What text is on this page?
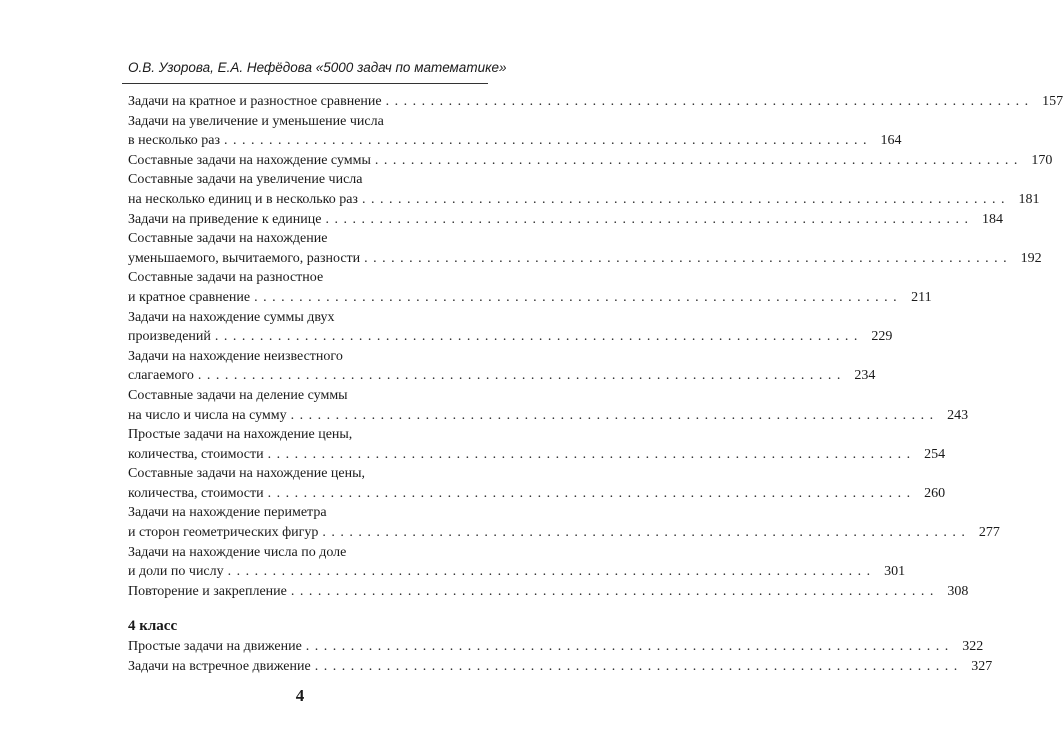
О.В. Узорова, Е.А. Нефёдова «5000 задач по математике»
Задачи на кратное и разностное сравнение . . . . . . . . . . . . . . . . . . . . . . . . . . . . . . . . . . . . . . . . . . . . . . . . . . . . . . . . . . . . . . . . . . . . . . . . 157
Задачи на увеличение и уменьшение числа
в несколько раз . . . . . . . . . . . . . . . . . . . . . . . . . . . . . . . . . . . . . . . . . . . . . . . . . . . . . . . . . . . . . . . . . . . . . . . . 164
Составные задачи на нахождение суммы . . . . . . . . . . . . . . . . . . . . . . . . . . . . . . . . . . . . . . . . . . . . . . . . . . . . . . . . . . . . . . . . . . . . . . . . 170
Составные задачи на увеличение числа
на несколько единиц и в несколько раз . . . . . . . . . . . . . . . . . . . . . . . . . . . . . . . . . . . . . . . . . . . . . . . . . . . . . . . . . . . . . . . . . . . . . . . . 181
Задачи на приведение к единице . . . . . . . . . . . . . . . . . . . . . . . . . . . . . . . . . . . . . . . . . . . . . . . . . . . . . . . . . . . . . . . . . . . . . . . . 184
Составные задачи на нахождение
уменьшаемого, вычитаемого, разности . . . . . . . . . . . . . . . . . . . . . . . . . . . . . . . . . . . . . . . . . . . . . . . . . . . . . . . . . . . . . . . . . . . . . . . . 192
Составные задачи на разностное
и кратное сравнение . . . . . . . . . . . . . . . . . . . . . . . . . . . . . . . . . . . . . . . . . . . . . . . . . . . . . . . . . . . . . . . . . . . . . . . . 211
Задачи на нахождение суммы двух
произведений . . . . . . . . . . . . . . . . . . . . . . . . . . . . . . . . . . . . . . . . . . . . . . . . . . . . . . . . . . . . . . . . . . . . . . . . 229
Задачи на нахождение неизвестного
слагаемого . . . . . . . . . . . . . . . . . . . . . . . . . . . . . . . . . . . . . . . . . . . . . . . . . . . . . . . . . . . . . . . . . . . . . . . . 234
Составные задачи на деление суммы
на число и числа на сумму . . . . . . . . . . . . . . . . . . . . . . . . . . . . . . . . . . . . . . . . . . . . . . . . . . . . . . . . . . . . . . . . . . . . . . . . 243
Простые задачи на нахождение цены,
количества, стоимости . . . . . . . . . . . . . . . . . . . . . . . . . . . . . . . . . . . . . . . . . . . . . . . . . . . . . . . . . . . . . . . . . . . . . . . . 254
Составные задачи на нахождение цены,
количества, стоимости . . . . . . . . . . . . . . . . . . . . . . . . . . . . . . . . . . . . . . . . . . . . . . . . . . . . . . . . . . . . . . . . . . . . . . . . 260
Задачи на нахождение периметра
и сторон геометрических фигур . . . . . . . . . . . . . . . . . . . . . . . . . . . . . . . . . . . . . . . . . . . . . . . . . . . . . . . . . . . . . . . . . . . . . . . . 277
Задачи на нахождение числа по доле
и доли по числу . . . . . . . . . . . . . . . . . . . . . . . . . . . . . . . . . . . . . . . . . . . . . . . . . . . . . . . . . . . . . . . . . . . . . . . . 301
Повторение и закрепление . . . . . . . . . . . . . . . . . . . . . . . . . . . . . . . . . . . . . . . . . . . . . . . . . . . . . . . . . . . . . . . . . . . . . . . . 308
4 класс
Простые задачи на движение . . . . . . . . . . . . . . . . . . . . . . . . . . . . . . . . . . . . . . . . . . . . . . . . . . . . . . . . . . . . . . . . . . . . . . . . 322
Задачи на встречное движение . . . . . . . . . . . . . . . . . . . . . . . . . . . . . . . . . . . . . . . . . . . . . . . . . . . . . . . . . . . . . . . . . . . . . . . . 327
4
